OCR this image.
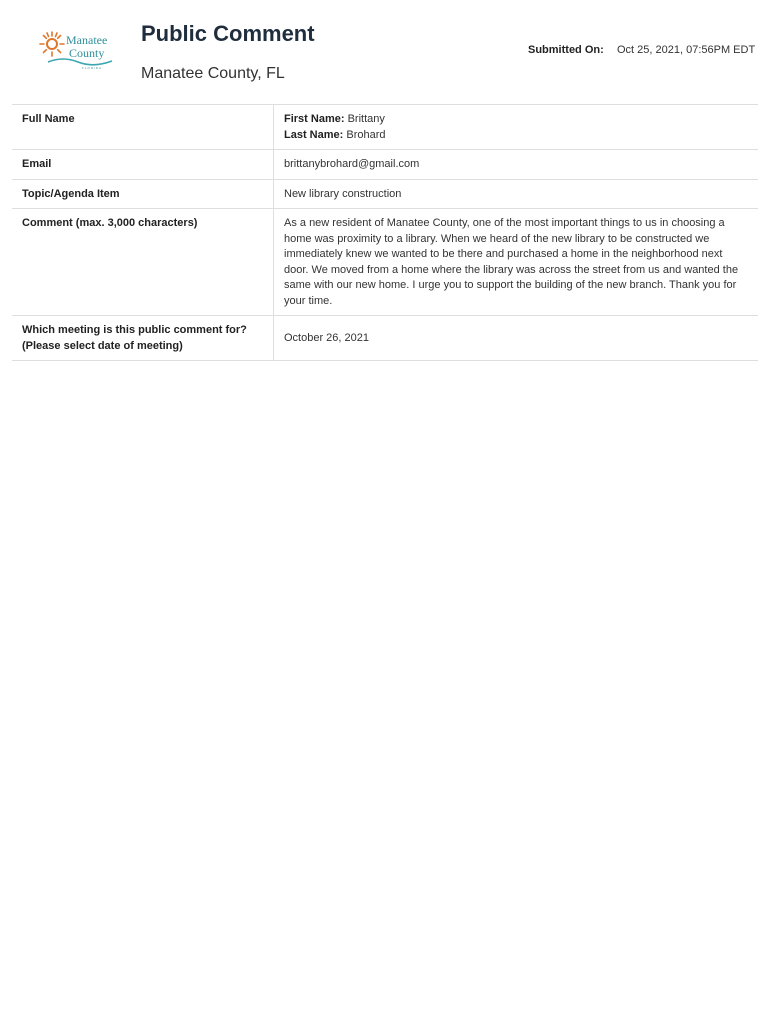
Manatee
County
FLORIDA
Public Comment
Manatee County, FL
Submitted On: Oct 25, 2021, 07:56PM EDT
Full Name	First Name: Brittany
Last Name: Brohard

Email	brittanybrohard@gmail.com
Topic/Agenda Item	New library construction
Comment (max. 3,000 characters)	As a new resident of Manatee County, one of the most important things to us in choosing a home was proximity to a library. When we heard of the new library to be constructed we immediately knew we wanted to be there and purchased a home in the neighborhood next door. We moved from a home where the library was across the street from us and wanted the same with our new home. I urge you to support the building of the new branch. Thank you for your time.

Which meeting is this public comment for?
(Please select date of meeting)	October 26, 2021
